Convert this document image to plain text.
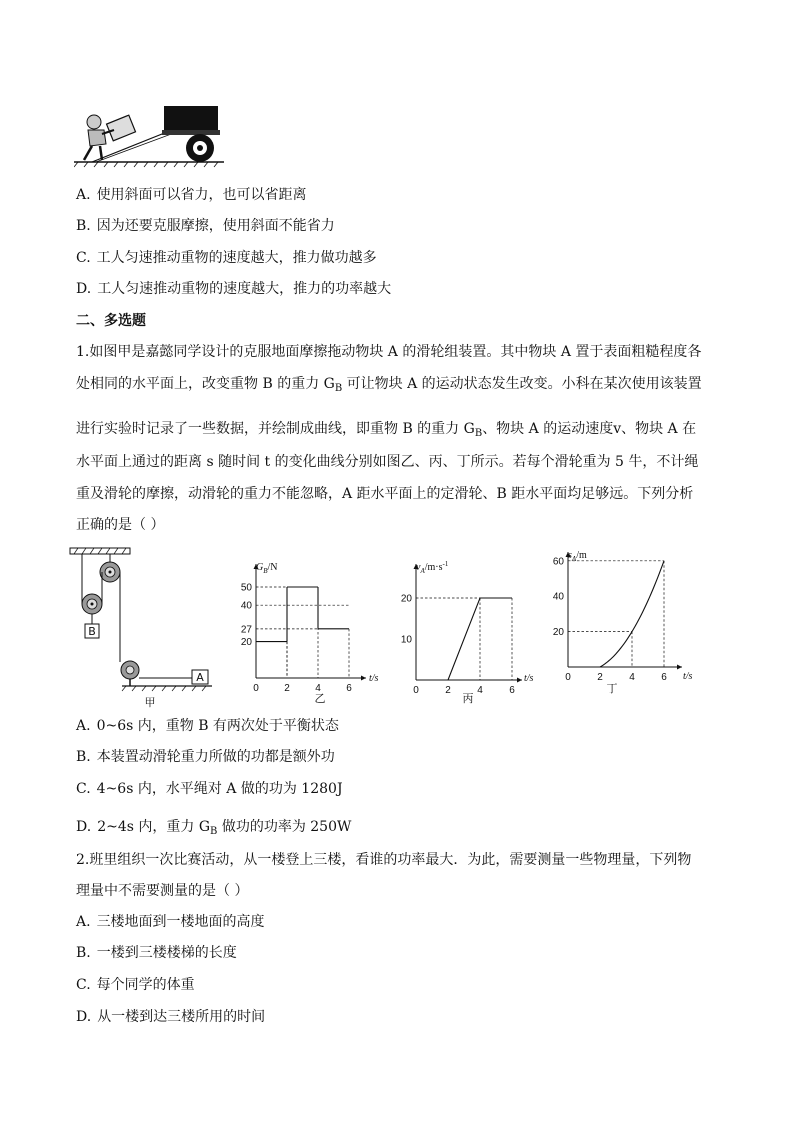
A. 使用斜面可以省力，也可以省距离
B. 因为还要克服摩擦，使用斜面不能省力
C. 工人匀速推动重物的速度越大，推力做功越多
D. 工人匀速推动重物的速度越大，推力的功率越大
二、多选题
1.如图甲是嘉懿同学设计的克服地面摩擦拖动物块 A 的滑轮组装置。其中物块 A 置于表面粗糙程度各
处相同的水平面上，改变重物 B 的重力 $G_B$ 可让物块 A 的运动状态发生改变。小科在某次使用该装置
进行实验时记录了一些数据，并绘制成曲线，即重物 B 的重力 $G_B$、物块 A 的运动速度v、物块 A 在
水平面上通过的距离 s 随时间 t 的变化曲线分别如图乙、丙、丁所示。若每个滑轮重为 5 牛，不计绳
重及滑轮的摩擦，动滑轮的重力不能忽略，A 距水平面上的定滑轮、B 距水平面均足够远。下列分析
正确的是（ ）
B
A
甲
0	2	4	6
20
27
40
50
$G_B/N$
t/s
乙
0	2	4	6
10
20
$v_A/m\cdot s^{-1}$
t/s
丙
0	2	4	6
20
40
60
$s_A/m$
t/s
丁
A. 0~6s 内，重物 B 有两次处于平衡状态
B. 本装置动滑轮重力所做的功都是额外功
C. 4~6s 内，水平绳对 A 做的功为 1280J
D. 2~4s 内，重力 $G_B$ 做功的功率为 250W
2.班里组织一次比赛活动，从一楼登上三楼，看谁的功率最大．为此，需要测量一些物理量，下列物
理量中不需要测量的是（ ）
A. 三楼地面到一楼地面的高度
B. 一楼到三楼楼梯的长度
C. 每个同学的体重
D. 从一楼到达三楼所用的时间
